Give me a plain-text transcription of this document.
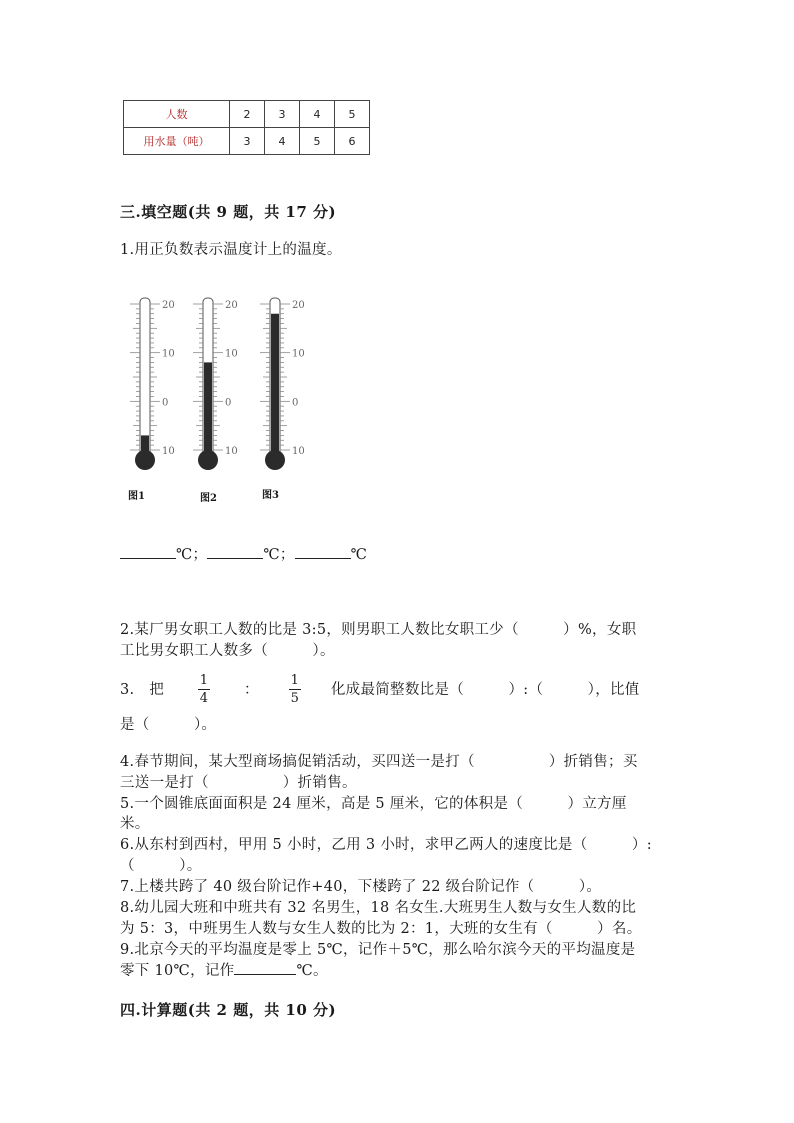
人数	2	3	4	5
用水量（吨）	3	4	5	6
三.填空题(共 9 题，共 17 分)
1.用正负数表示温度计上的温度。
20
10
0
10
20
10
0
10
20
10
0
10
图1	图2	图3
℃；	℃；	℃
2.某厂男女职工人数的比是 3:5，则男职工人数比女职工少（　　　）%，女职
工比男女职工人数多（　　　）。
3.　把	$\frac{1}{4}$ ： $\frac{1}{5}$ 化成最简整数比是（　　　）:（　　　），比值
是（　　　）。
4.春节期间，某大型商场搞促销活动，买四送一是打（　　　　　）折销售；买
三送一是打（　　　　　）折销售。
5.一个圆锥底面面积是 24 厘米，高是 5 厘米，它的体积是（　　　）立方厘
米。
6.从东村到西村，甲用 5 小时，乙用 3 小时，求甲乙两人的速度比是（　　　）:
（　　　）。
7.上楼共跨了 40 级台阶记作+40，下楼跨了 22 级台阶记作（　　　）。
8.幼儿园大班和中班共有 32 名男生，18 名女生.大班男生人数与女生人数的比
为 5：3，中班男生人数与女生人数的比为 2：1，大班的女生有（　　　）名。
9.北京今天的平均温度是零上 5℃，记作＋5℃，那么哈尔滨今天的平均温度是
零下 10℃，记作	℃。
四.计算题(共 2 题，共 10 分)
